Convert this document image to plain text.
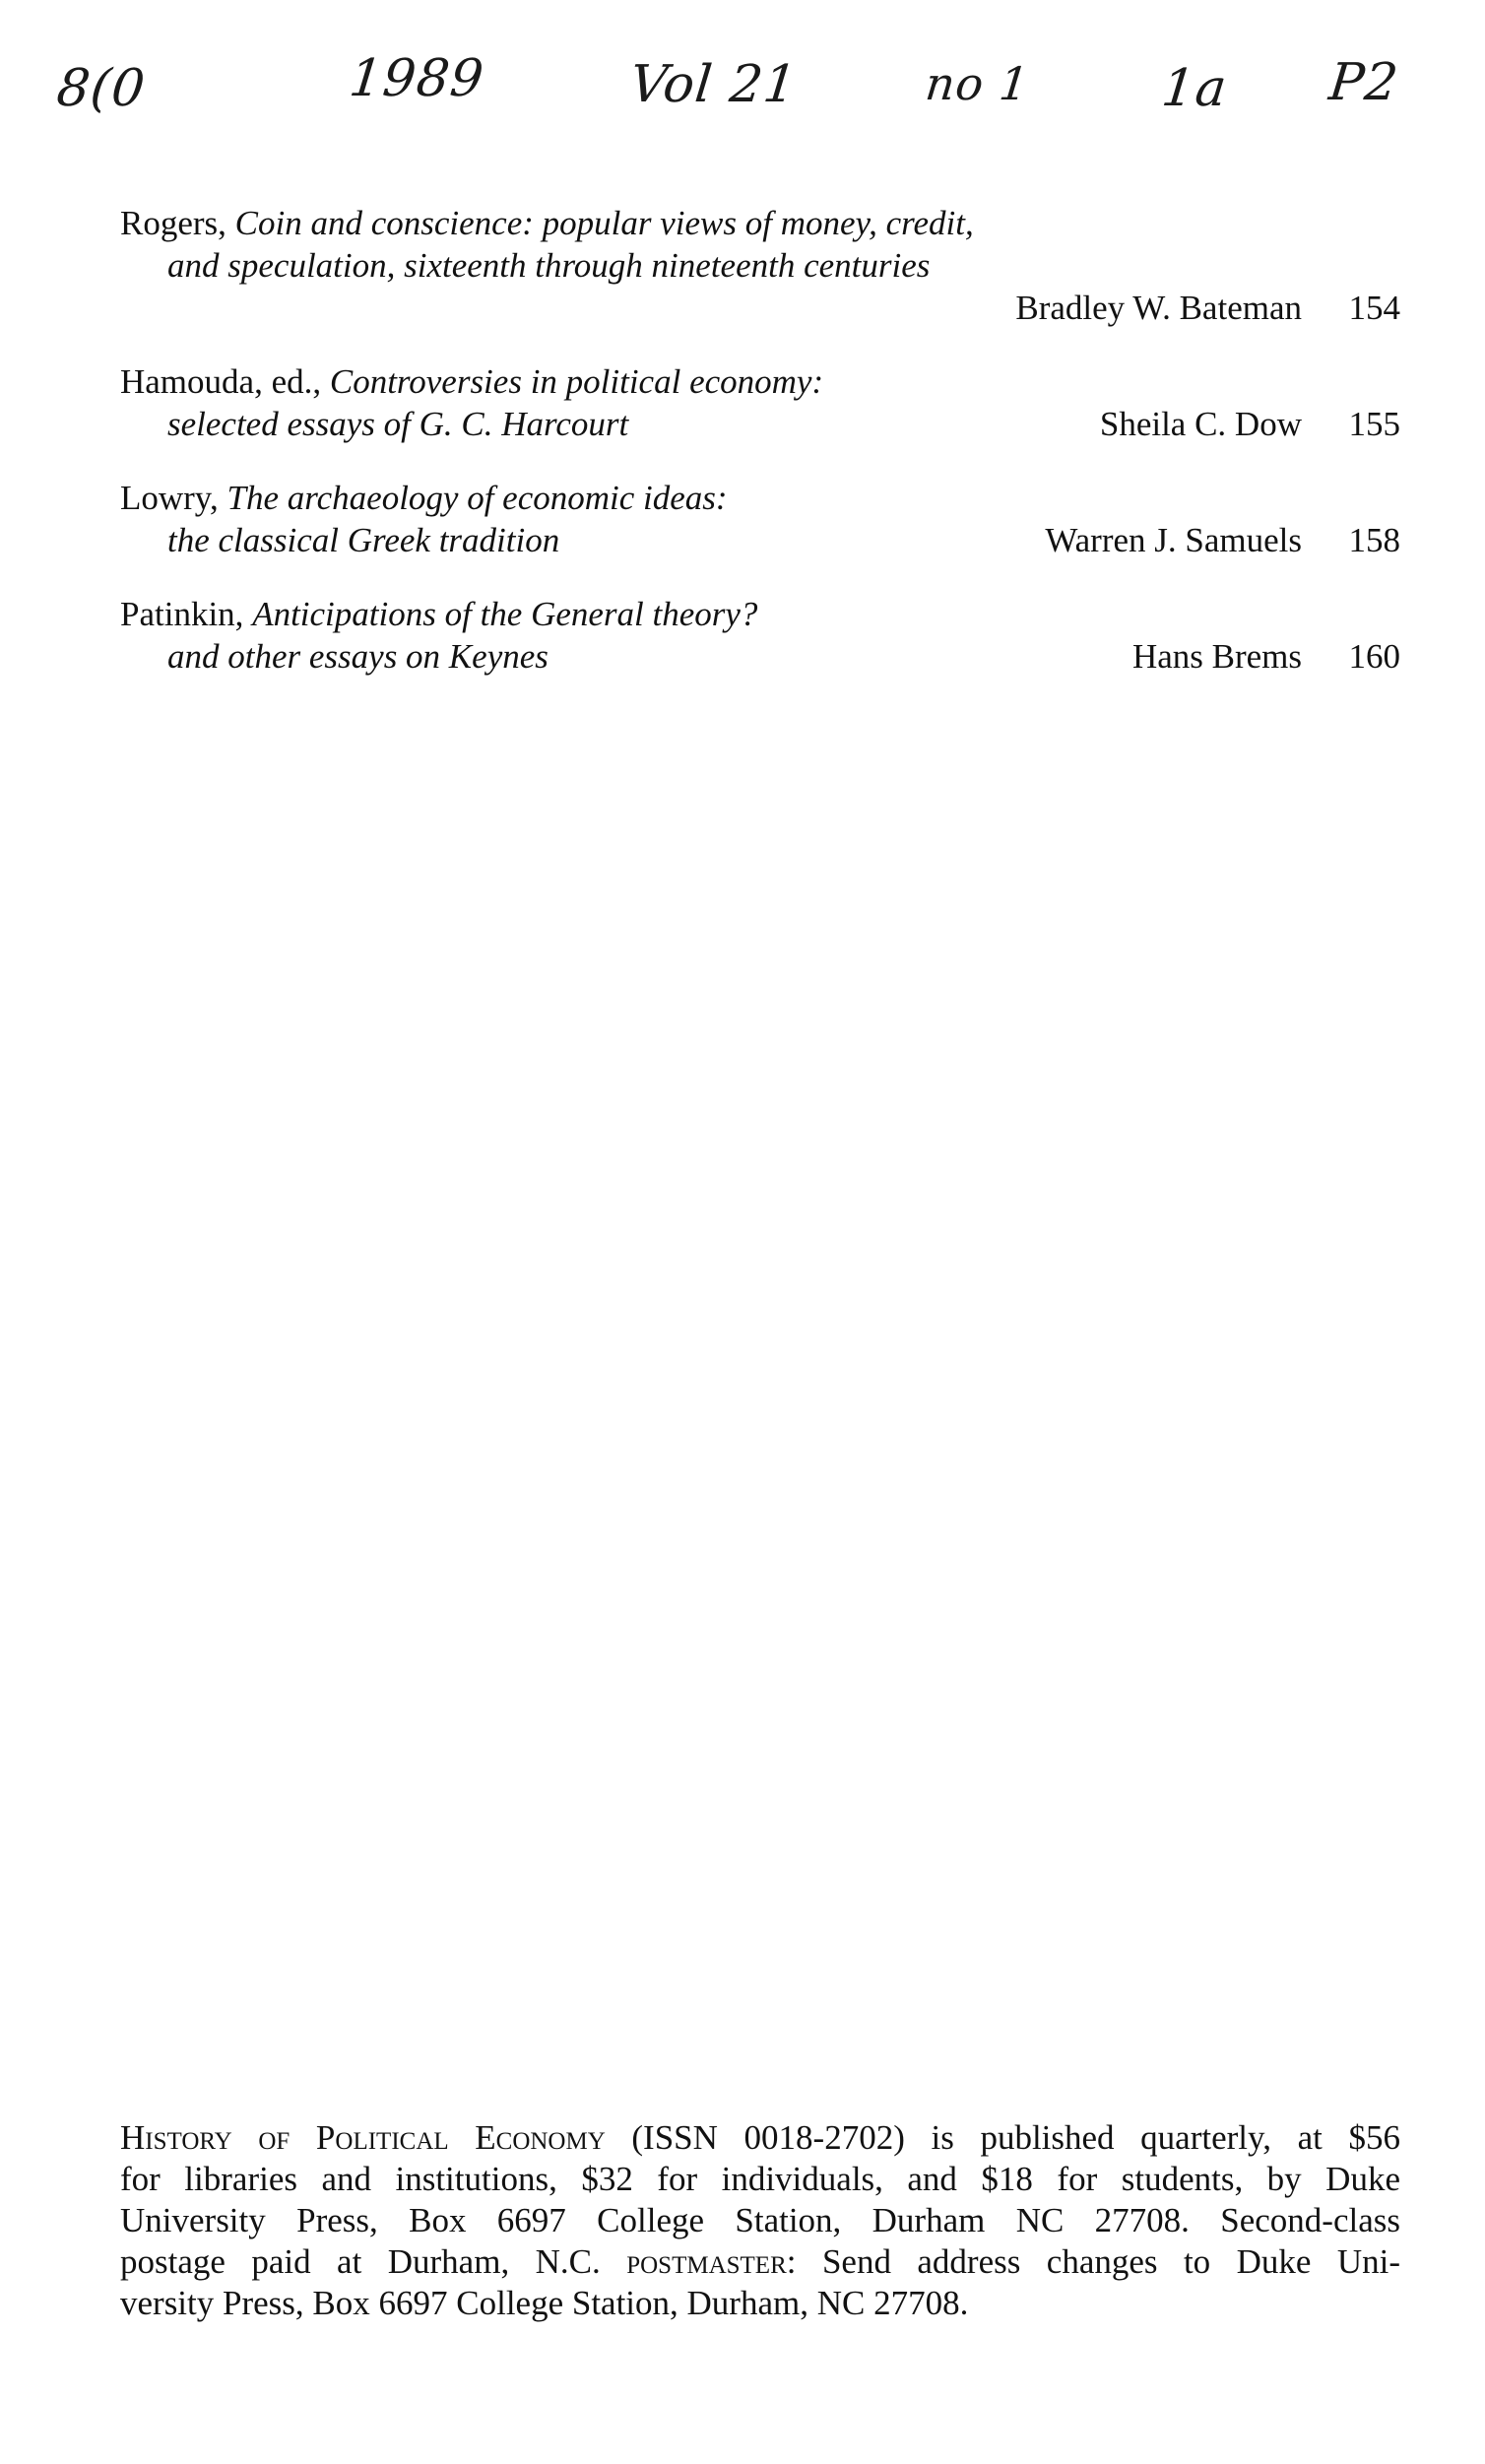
8(0	1989	Vol 21	no 1 1a P2
Rogers, Coin and conscience: popular views of money, credit,
and speculation, sixteenth through nineteenth centuries
Bradley W. Bateman	154
Hamouda, ed., Controversies in political economy:
selected essays of G. C. Harcourt	Sheila C. Dow	155
Lowry, The archaeology of economic ideas:
the classical Greek tradition	Warren J. Samuels	158
Patinkin, Anticipations of the General theory?
and other essays on Keynes	Hans Brems	160
History of Political Economy (ISSN 0018-2702) is published quarterly, at $56
for libraries and institutions, $32 for individuals, and $18 for students, by Duke
University Press, Box 6697 College Station, Durham NC 27708. Second-class
postage paid at Durham, N.C. postmaster: Send address changes to Duke Uni-
versity Press, Box 6697 College Station, Durham, NC 27708.
